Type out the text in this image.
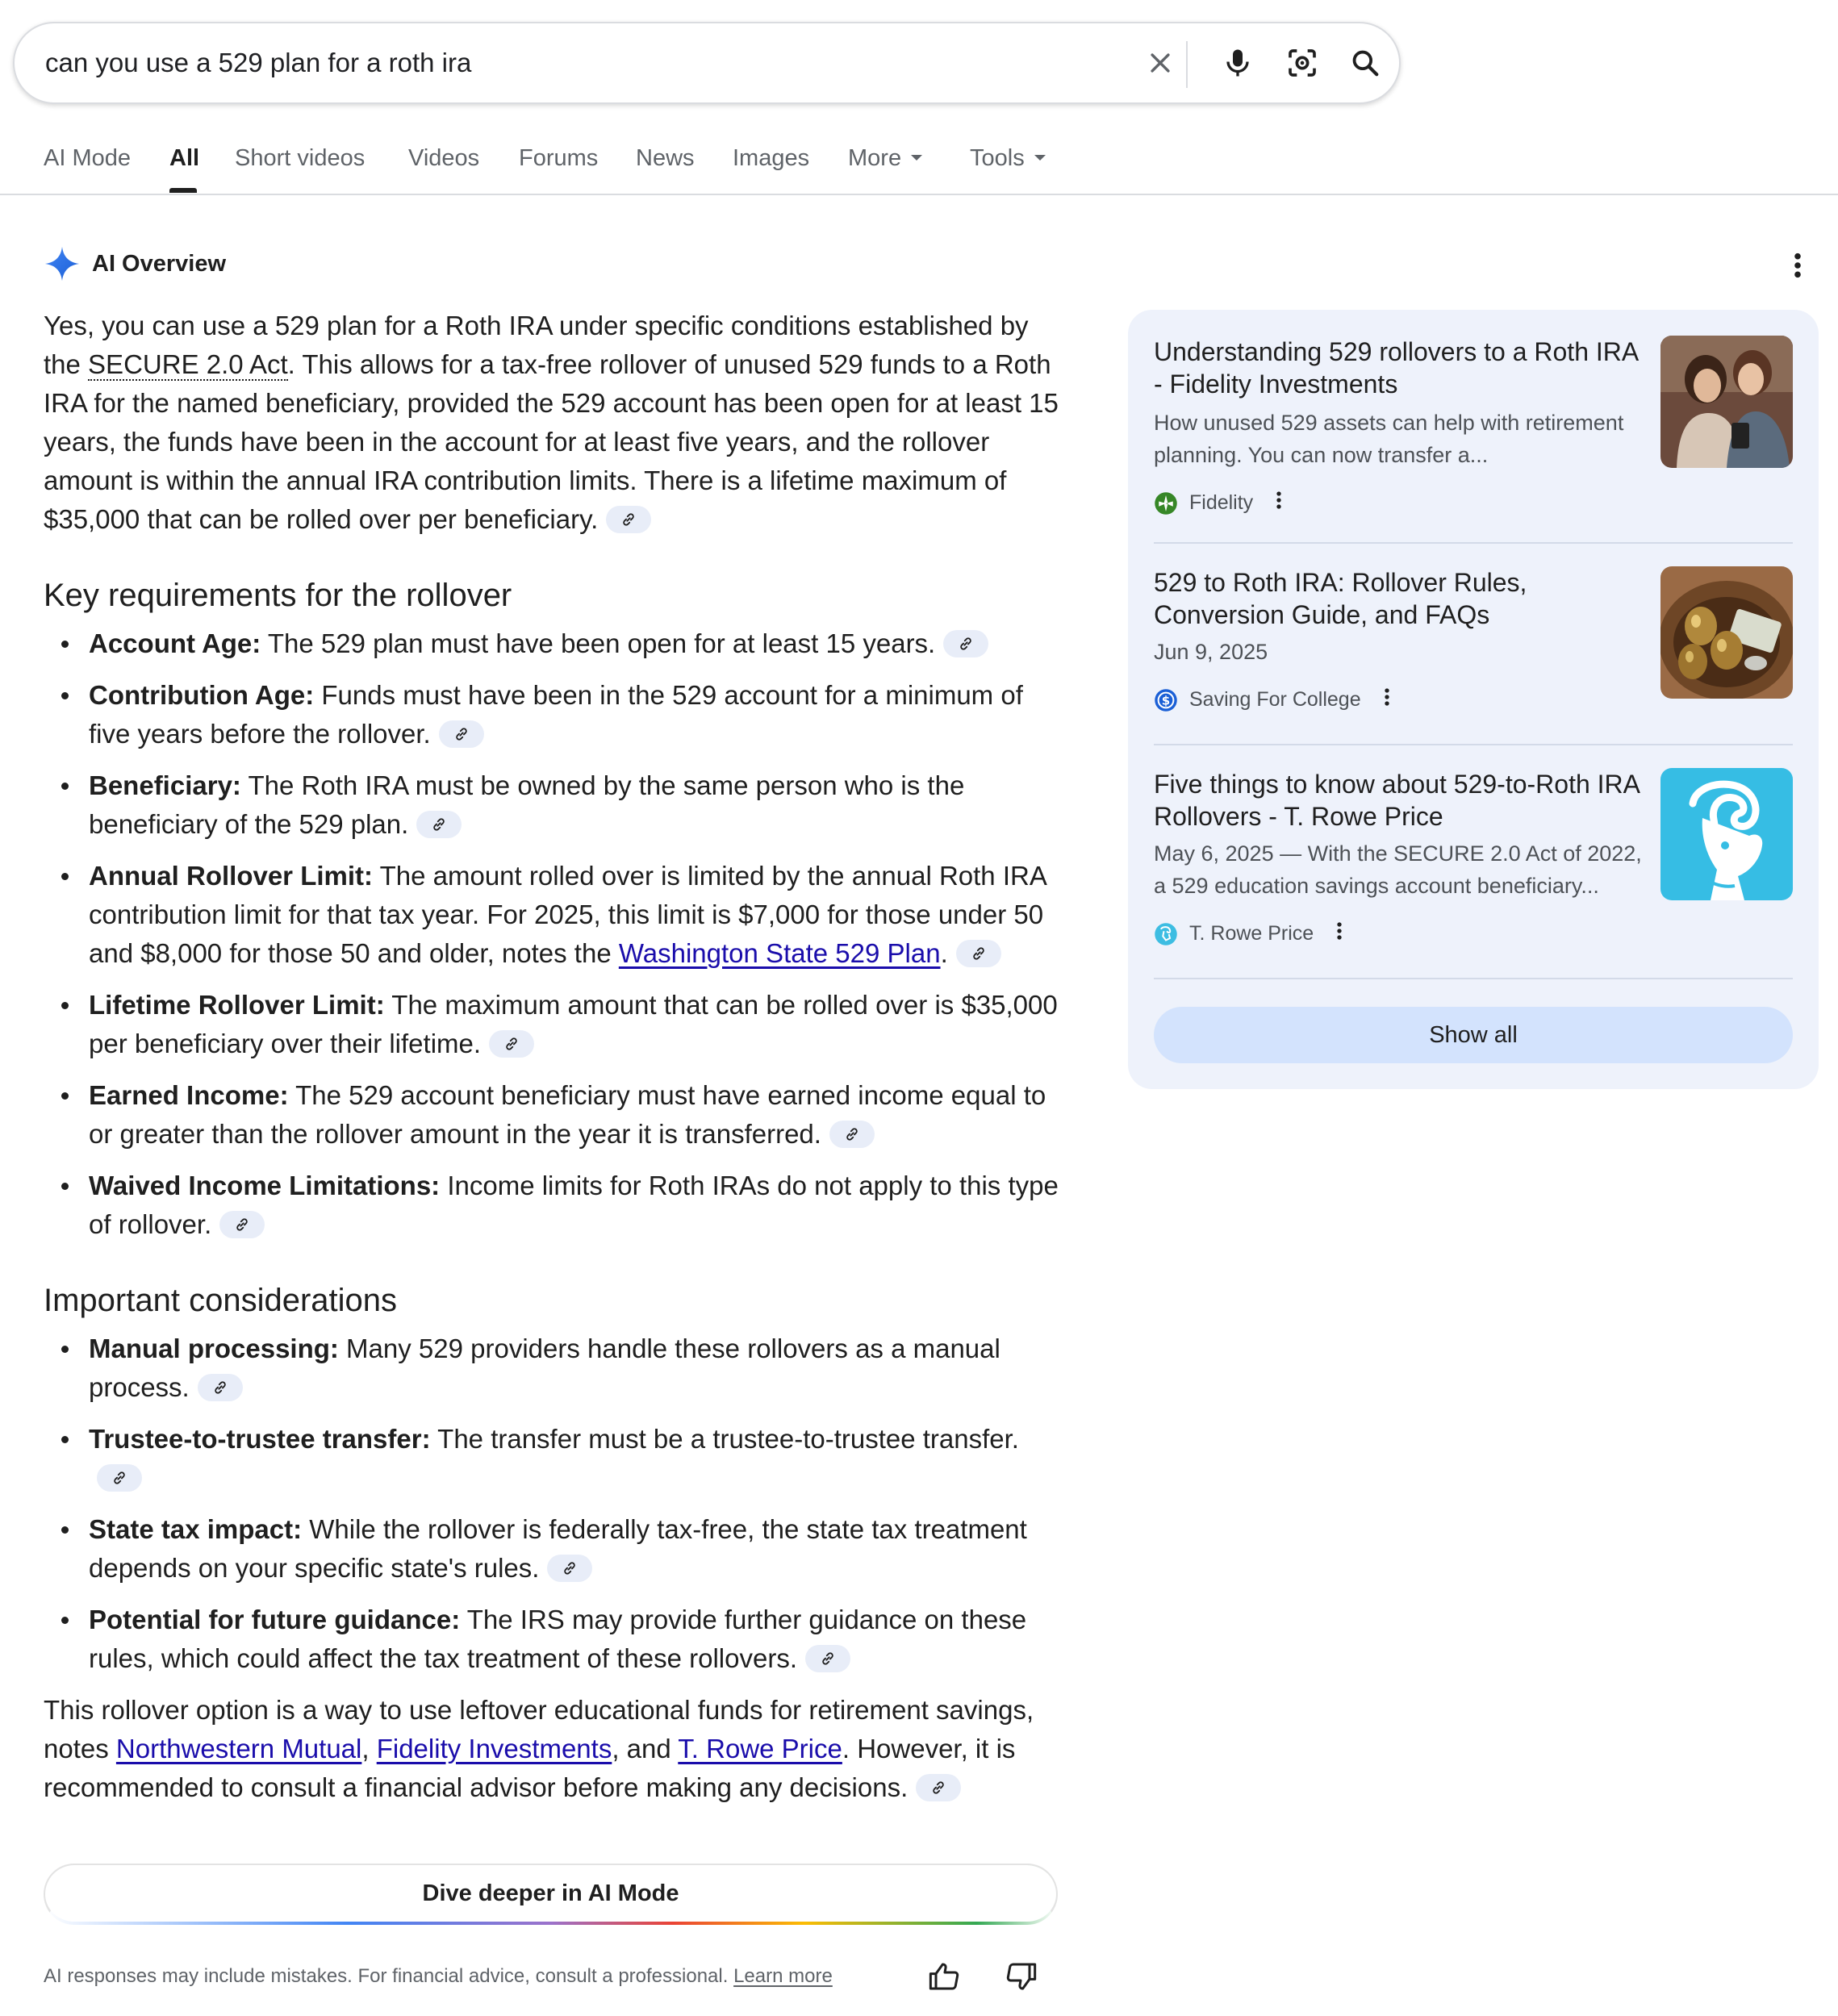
can you use a 529 plan for a roth ira
AI Mode All Short videos Videos Forums News Images More	Tools
AI Overview

Yes, you can use a 529 plan for a Roth IRA under specific conditions established by the SECURE 2.0 Act. This allows for a tax-free rollover of unused 529 funds to a Roth IRA for the named beneficiary, provided the 529 account has been open for at least 15 years, the funds have been in the account for at least five years, and the rollover amount is within the annual IRA contribution limits. There is a lifetime maximum of $35,000 that can be rolled over per beneficiary.

Key requirements for the rollover
Account Age: The 529 plan must have been open for at least 15 years.
Contribution Age: Funds must have been in the 529 account for a minimum of five years before the rollover.
Beneficiary: The Roth IRA must be owned by the same person who is the beneficiary of the 529 plan.
Annual Rollover Limit: The amount rolled over is limited by the annual Roth IRA contribution limit for that tax year. For 2025, this limit is $7,000 for those under 50 and $8,000 for those 50 and older, notes the Washington State 529 Plan.
Lifetime Rollover Limit: The maximum amount that can be rolled over is $35,000 per beneficiary over their lifetime.
Earned Income: The 529 account beneficiary must have earned income equal to or greater than the rollover amount in the year it is transferred.
Waived Income Limitations: Income limits for Roth IRAs do not apply to this type of rollover.
Important considerations
Manual processing: Many 529 providers handle these rollovers as a manual process.
Trustee-to-trustee transfer: The transfer must be a trustee-to-trustee transfer.
State tax impact: While the rollover is federally tax-free, the state tax treatment depends on your specific state's rules.
Potential for future guidance: The IRS may provide further guidance on these rules, which could affect the tax treatment of these rollovers.

This rollover option is a way to use leftover educational funds for retirement savings, notes Northwestern Mutual, Fidelity Investments, and T. Rowe Price. However, it is recommended to consult a financial advisor before making any decisions.

Dive deeper in AI Mode
AI responses may include mistakes. For financial advice, consult a professional. Learn more
Understanding 529 rollovers to a Roth IRA - Fidelity Investments
How unused 529 assets can help with retirement planning. You can now transfer a...
Fidelity
529 to Roth IRA: Rollover Rules, Conversion Guide, and FAQs
Jun 9, 2025
$ Saving For College
Five things to know about 529-to-Roth IRA Rollovers - T. Rowe Price
May 6, 2025 — With the SECURE 2.0 Act of 2022, a 529 education savings account beneficiary...
T. Rowe Price
Show all
